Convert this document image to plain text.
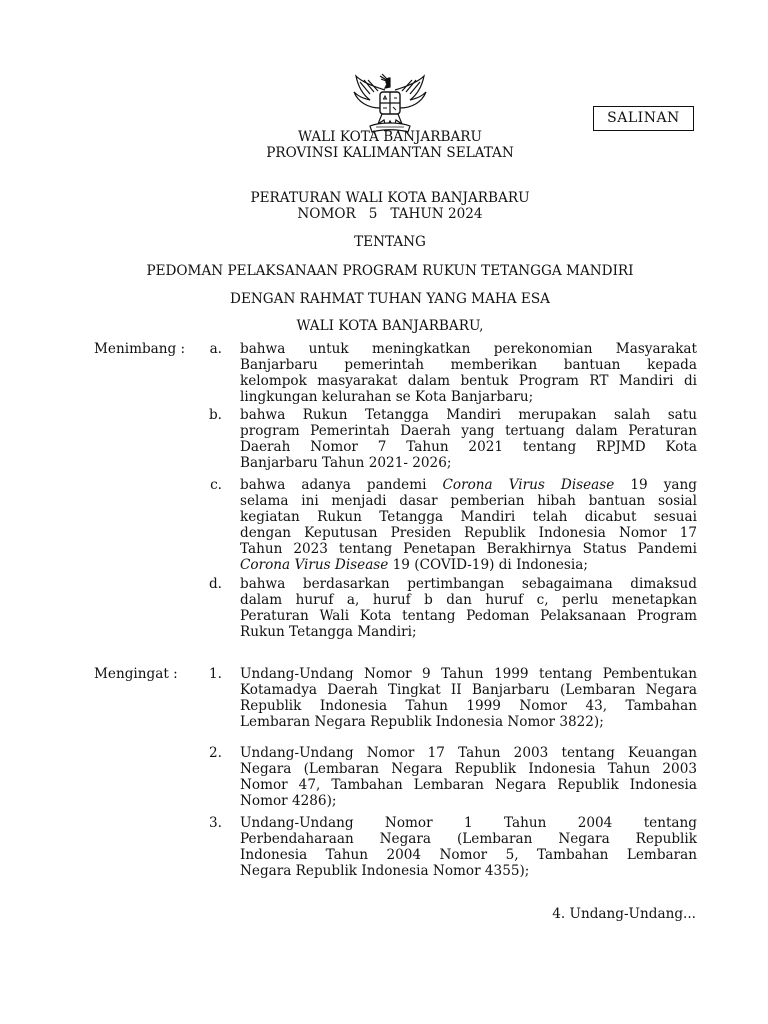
SALINAN
WALI KOTA BANJARBARU
PROVINSI KALIMANTAN SELATAN
PERATURAN WALI KOTA BANJARBARU
NOMOR   5   TAHUN 2024
TENTANG
PEDOMAN PELAKSANAAN PROGRAM RUKUN TETANGGA MANDIRI
DENGAN RAHMAT TUHAN YANG MAHA ESA
WALI KOTA BANJARBARU,
Menimbang :	a. bahwa untuk meningkatkan perekonomian Masyarakat
Banjarbaru pemerintah memberikan bantuan kepada
kelompok masyarakat dalam bentuk Program RT Mandiri di
lingkungan kelurahan se Kota Banjarbaru;
b. bahwa Rukun Tetangga Mandiri merupakan salah satu
program Pemerintah Daerah yang tertuang dalam Peraturan
Daerah Nomor 7 Tahun 2021 tentang RPJMD Kota
Banjarbaru Tahun 2021- 2026;
c. bahwa adanya pandemi Corona Virus Disease 19 yang
selama ini menjadi dasar pemberian hibah bantuan sosial
kegiatan Rukun Tetangga Mandiri telah dicabut sesuai
dengan Keputusan Presiden Republik Indonesia Nomor 17
Tahun 2023 tentang Penetapan Berakhirnya Status Pandemi
Corona Virus Disease 19 (COVID-19) di Indonesia;
d. bahwa berdasarkan pertimbangan sebagaimana dimaksud
dalam huruf a, huruf b dan huruf c, perlu menetapkan
Peraturan Wali Kota tentang Pedoman Pelaksanaan Program
Rukun Tetangga Mandiri;
Mengingat :	1. Undang-Undang Nomor 9 Tahun 1999 tentang Pembentukan
Kotamadya Daerah Tingkat II Banjarbaru (Lembaran Negara
Republik Indonesia Tahun 1999 Nomor 43, Tambahan
Lembaran Negara Republik Indonesia Nomor 3822);
2. Undang-Undang Nomor 17 Tahun 2003 tentang Keuangan
Negara (Lembaran Negara Republik Indonesia Tahun 2003
Nomor 47, Tambahan Lembaran Negara Republik Indonesia
Nomor 4286);
3. Undang-Undang Nomor 1 Tahun 2004 tentang
Perbendaharaan Negara (Lembaran Negara Republik
Indonesia Tahun 2004 Nomor 5, Tambahan Lembaran
Negara Republik Indonesia Nomor 4355);
4. Undang-Undang...
